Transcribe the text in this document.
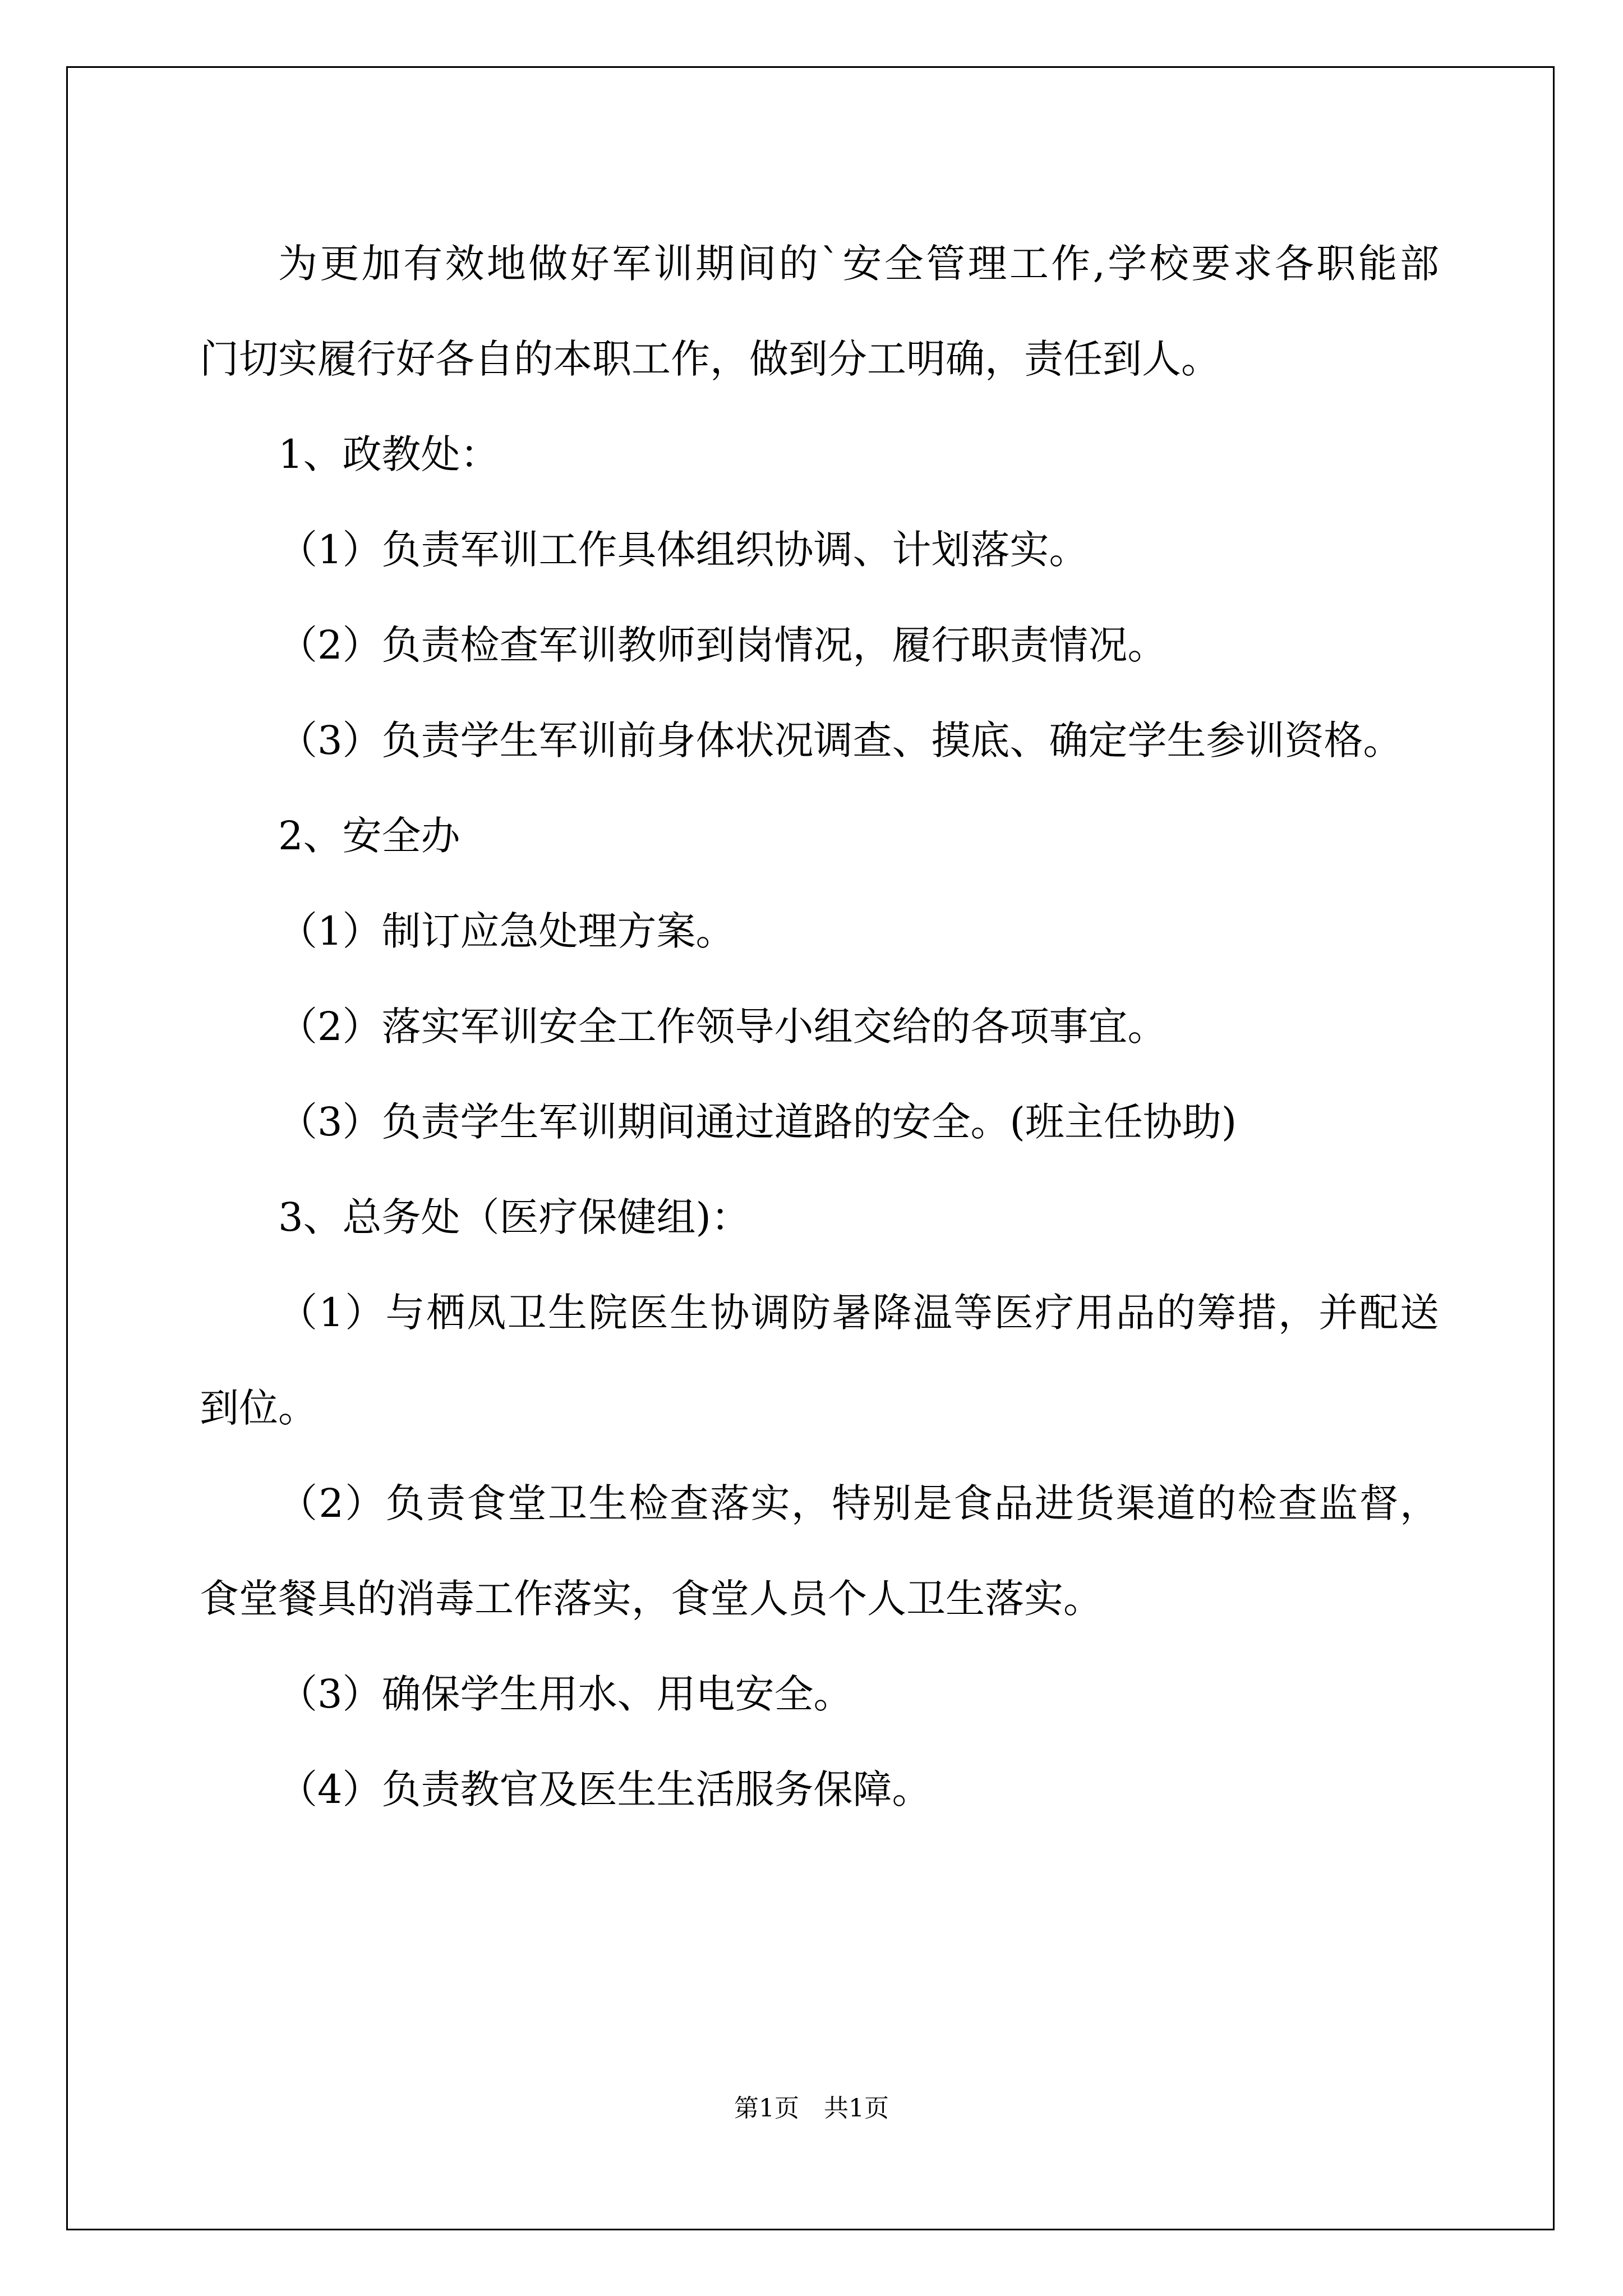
为更加有效地做好军训期间的`安全管理工作,学校要求各职能部
门切实履行好各自的本职工作，做到分工明确，责任到人。
1、政教处：
（1）负责军训工作具体组织协调、计划落实。
（2）负责检查军训教师到岗情况，履行职责情况。
（3）负责学生军训前身体状况调查、摸底、确定学生参训资格。
2、安全办
（1）制订应急处理方案。
（2）落实军训安全工作领导小组交给的各项事宜。
（3）负责学生军训期间通过道路的安全。(班主任协助)
3、总务处（医疗保健组)：
（1）与栖凤卫生院医生协调防暑降温等医疗用品的筹措，并配送
到位。
（2）负责食堂卫生检查落实，特别是食品进货渠道的检查监督，
食堂餐具的消毒工作落实，食堂人员个人卫生落实。
（3）确保学生用水、用电安全。
（4）负责教官及医生生活服务保障。
第1页　共1页
